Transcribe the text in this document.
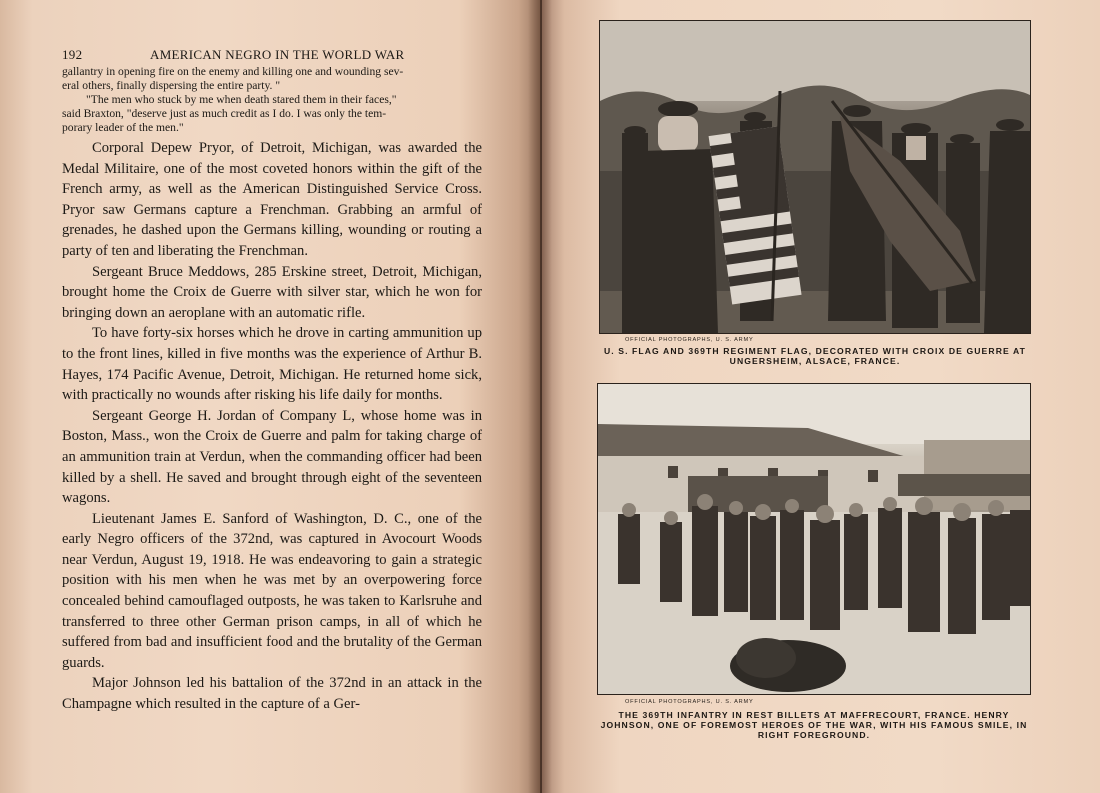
192	AMERICAN NEGRO IN THE WORLD WAR

gallantry in opening fire on the enemy and killing one and wounding sev-

eral others, finally dispersing the entire party. "

"The men who stuck by me when death stared them in their faces,"

said Braxton, "deserve just as much credit as I do. I was only the tem-

porary leader of the men."

Corporal Depew Pryor, of Detroit, Michigan, was awarded the Medal Militaire, one of the most coveted honors within the gift of the French army, as well as the American Distinguished Service Cross. Pryor saw Germans capture a Frenchman. Grabbing an armful of grenades, he dashed upon the Germans killing, wounding or routing a party of ten and liberating the Frenchman.

Sergeant Bruce Meddows, 285 Erskine street, Detroit, Michigan, brought home the Croix de Guerre with silver star, which he won for bringing down an aeroplane with an automatic rifle.

To have forty-six horses which he drove in carting ammunition up to the front lines, killed in five months was the experience of Arthur B. Hayes, 174 Pacific Avenue, Detroit, Michigan. He returned home sick, with practically no wounds after risking his life daily for months.

Sergeant George H. Jordan of Company L, whose home was in Boston, Mass., won the Croix de Guerre and palm for taking charge of an ammunition train at Verdun, when the commanding officer had been killed by a shell. He saved and brought through eight of the seventeen wagons.

Lieutenant James E. Sanford of Washington, D. C., one of the early Negro officers of the 372nd, was captured in Avocourt Woods near Verdun, August 19, 1918. He was endeavoring to gain a strategic position with his men when he was met by an overpowering force concealed behind camouflaged outposts, he was taken to Karlsruhe and transferred to three other German prison camps, in all of which he suffered from bad and insufficient food and the brutality of the German guards.

Major Johnson led his battalion of the 372nd in an attack in the Champagne which resulted in the capture of a Ger-

OFFICIAL PHOTOGRAPHS, U. S. ARMY
U. S. FLAG AND 369TH REGIMENT FLAG, DECORATED WITH CROIX DE GUERRE AT UNGERSHEIM, ALSACE, FRANCE.
OFFICIAL PHOTOGRAPHS, U. S. ARMY
THE 369TH INFANTRY IN REST BILLETS AT MAFFRECOURT, FRANCE. HENRY JOHNSON, ONE OF FOREMOST HEROES OF THE WAR, WITH HIS FAMOUS SMILE, IN RIGHT FOREGROUND.
